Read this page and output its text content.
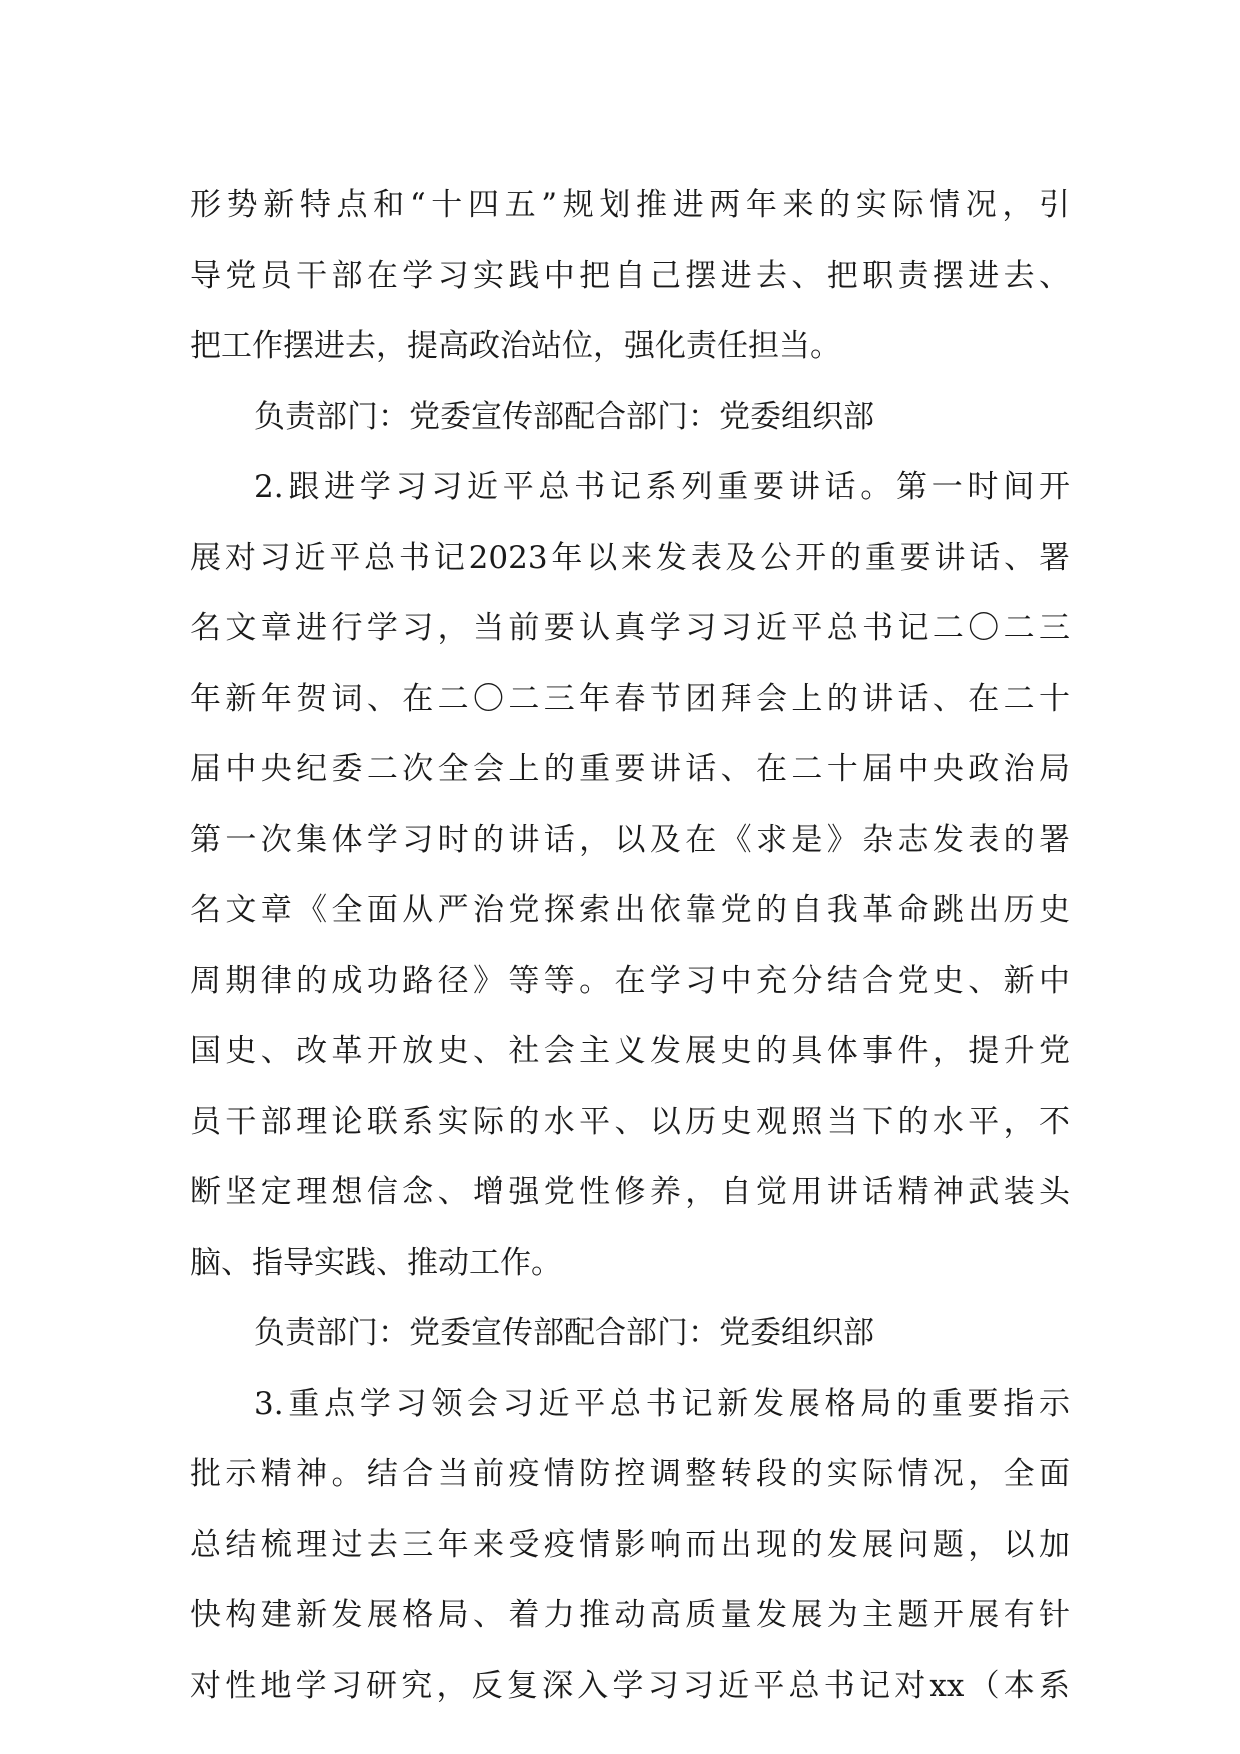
形势新特点和“十四五”规划推进两年来的实际情况，引
导党员干部在学习实践中把自己摆进去、把职责摆进去、
把工作摆进去，提高政治站位，强化责任担当。
负责部门：党委宣传部配合部门：党委组织部
2.跟进学习习近平总书记系列重要讲话。第一时间开
展对习近平总书记2023年以来发表及公开的重要讲话、署
名文章进行学习，当前要认真学习习近平总书记二〇二三
年新年贺词、在二〇二三年春节团拜会上的讲话、在二十
届中央纪委二次全会上的重要讲话、在二十届中央政治局
第一次集体学习时的讲话，以及在《求是》杂志发表的署
名文章《全面从严治党探索出依靠党的自我革命跳出历史
周期律的成功路径》等等。在学习中充分结合党史、新中
国史、改革开放史、社会主义发展史的具体事件，提升党
员干部理论联系实际的水平、以历史观照当下的水平，不
断坚定理想信念、增强党性修养，自觉用讲话精神武装头
脑、指导实践、推动工作。
负责部门：党委宣传部配合部门：党委组织部
3.重点学习领会习近平总书记新发展格局的重要指示
批示精神。结合当前疫情防控调整转段的实际情况，全面
总结梳理过去三年来受疫情影响而出现的发展问题，以加
快构建新发展格局、着力推动高质量发展为主题开展有针
对性地学习研究，反复深入学习习近平总书记对xx（本系
